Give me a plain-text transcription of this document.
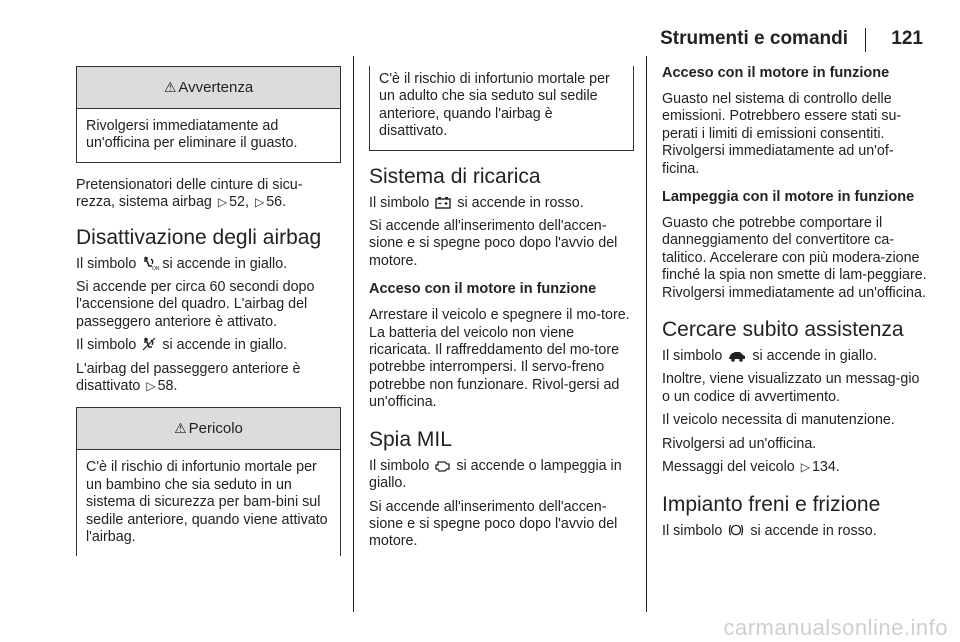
Strumenti e comandi 121
⚠ Avvertenza
Rivolgersi immediatamente ad un'officina per eliminare il guasto.

Pretensionatori delle cinture di sicu-rezza, sistema airbag ▷ 52, ▷ 56.

Disattivazione degli airbag

Il simbolo	ON si accende in giallo.

Si accende per circa 60 secondi dopo l'accensione del quadro. L'airbag del passeggero anteriore è attivato.

Il simbolo si accende in giallo.

L'airbag del passeggero anteriore è disattivato ▷ 58.

⚠ Pericolo
C'è il rischio di infortunio mortale per un bambino che sia seduto in un sistema di sicurezza per bam-bini sul sedile anteriore, quando viene attivato l'airbag.
C'è il rischio di infortunio mortale per un adulto che sia seduto sul sedile anteriore, quando l'airbag è disattivato.
Sistema di ricarica

Il simbolo si accende in rosso.

Si accende all'inserimento dell'accen-sione e si spegne poco dopo l'avvio del motore.

Acceso con il motore in funzione

Arrestare il veicolo e spegnere il mo-tore. La batteria del veicolo non viene ricaricata. Il raffreddamento del mo-tore potrebbe interrompersi. Il servo-freno potrebbe non funzionare. Rivol-gersi ad un'officina.

Spia MIL

Il simbolo si accende o lampeggia in giallo.

Si accende all'inserimento dell'accen-sione e si spegne poco dopo l'avvio del motore.

Acceso con il motore in funzione

Guasto nel sistema di controllo delle emissioni. Potrebbero essere stati su-perati i limiti di emissioni consentiti. Rivolgersi immediatamente ad un'of-ficina.

Lampeggia con il motore in funzione

Guasto che potrebbe comportare il danneggiamento del convertitore ca-talitico. Accelerare con più modera-zione finché la spia non smette di lam-peggiare. Rivolgersi immediatamente ad un'officina.

Cercare subito assistenza

Il simbolo si accende in giallo.

Inoltre, viene visualizzato un messag-gio o un codice di avvertimento.

Il veicolo necessita di manutenzione.

Rivolgersi ad un'officina.

Messaggi del veicolo ▷ 134.

Impianto freni e frizione

Il simbolo si accende in rosso.

carmanualsonline.info
